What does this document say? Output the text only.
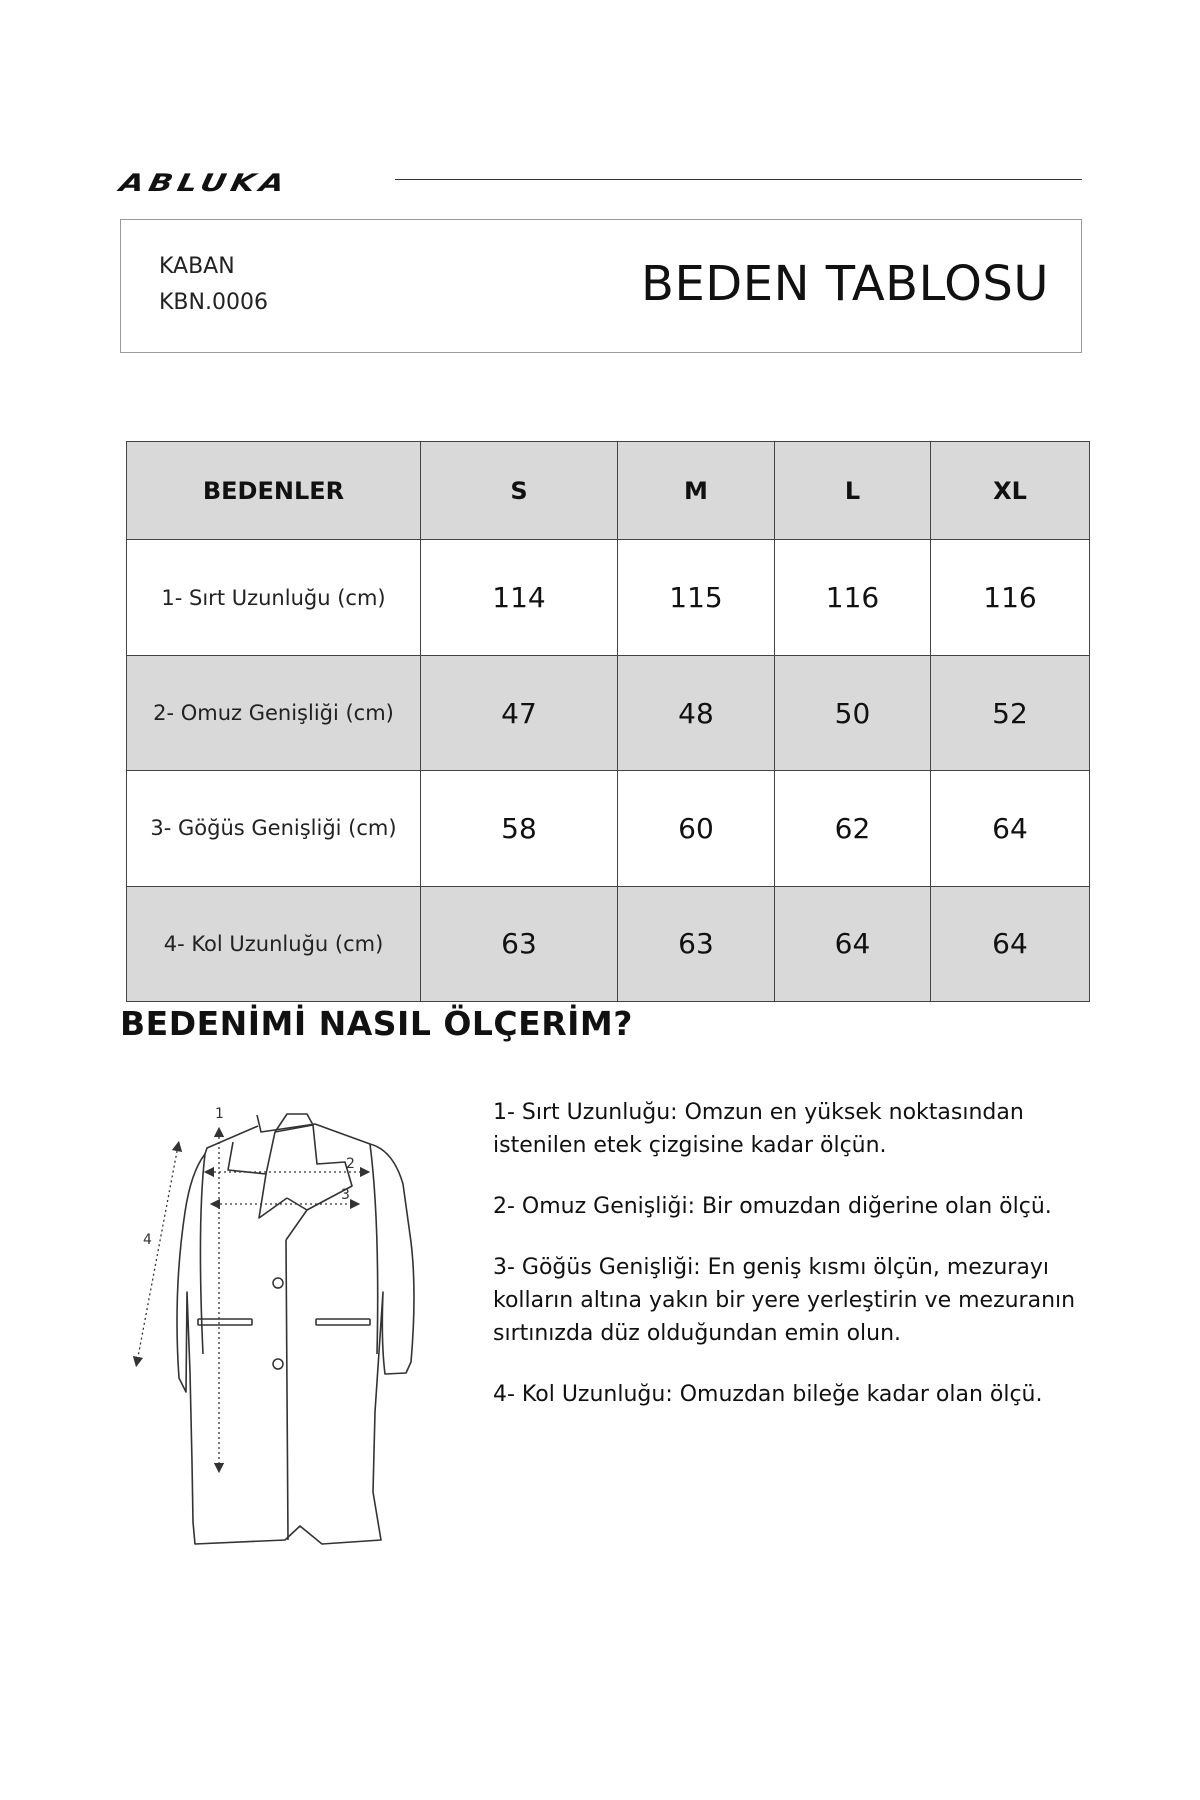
ABLUKA
KABAN
KBN.0006	BEDEN TABLOSU
BEDENLER	S	M	L	XL
1- Sırt Uzunluğu (cm)	114	115	116	116
2- Omuz Genişliği (cm)	47	48	50	52
3- Göğüs Genişliği (cm)	58	60	62	64
4- Kol Uzunluğu (cm)	63	63	64	64
BEDENİMİ NASIL ÖLÇERİM?
1
2
3
4

1- Sırt Uzunluğu: Omzun en yüksek noktasından istenilen etek çizgisine kadar ölçün.

2- Omuz Genişliği: Bir omuzdan diğerine olan ölçü.

3- Göğüs Genişliği: En geniş kısmı ölçün, mezurayı kolların altına yakın bir yere yerleştirin ve mezuranın sırtınızda düz olduğundan emin olun.

4- Kol Uzunluğu: Omuzdan bileğe kadar olan ölçü.
